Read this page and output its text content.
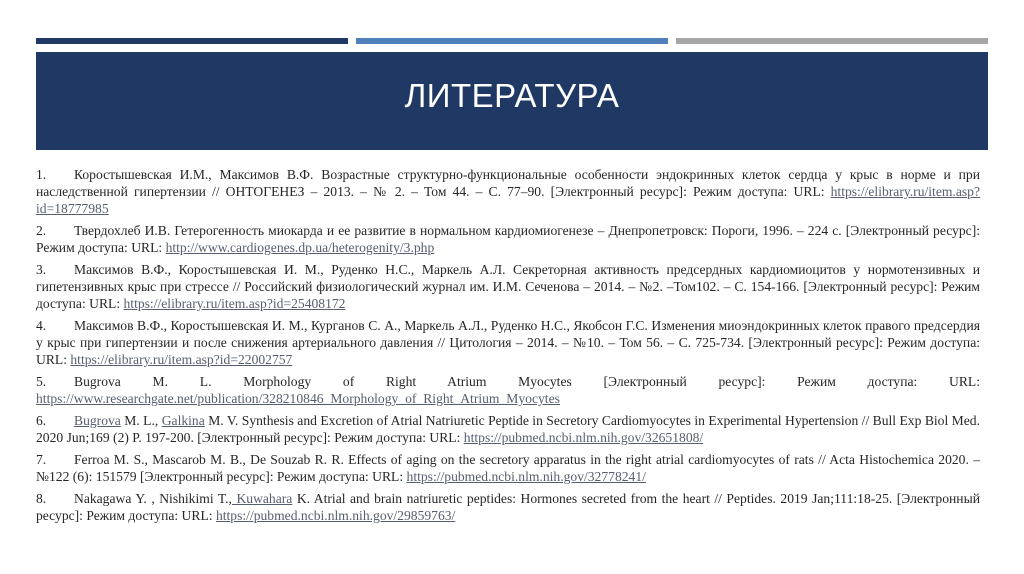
ЛИТЕРАТУРА
1. Коростышевская И.М., Максимов В.Ф. Возрастные структурно-функциональные особенности эндокринных клеток сердца у крыс в норме и при наследственной гипертензии // ОНТОГЕНЕЗ – 2013. – № 2. – Том 44. – С. 77–90. [Электронный ресурс]: Режим доступа: URL: https://elibrary.ru/item.asp?id=18777985
2. Твердохлеб И.В. Гетерогенность миокарда и ее развитие в нормальном кардиомиогенезе – Днепропетровск: Пороги, 1996. – 224 с. [Электронный ресурс]: Режим доступа: URL: http://www.cardiogenes.dp.ua/heterogenity/3.php
3. Максимов В.Ф., Коростышевская И. М., Руденко Н.С., Маркель А.Л. Секреторная активность предсердных кардиомиоцитов у нормотензивных и гипетензивных крыс при стрессе // Российский физиологический журнал им. И.М. Сеченова – 2014. – №2. –Том102. – С. 154-166. [Электронный ресурс]: Режим доступа: URL: https://elibrary.ru/item.asp?id=25408172
4. Максимов В.Ф., Коростышевская И. М., Курганов С. А., Маркель А.Л., Руденко Н.С., Якобсон Г.С. Изменения миоэндокринных клеток правого предсердия у крыс при гипертензии и после снижения артериального давления // Цитология – 2014. – №10. – Том 56. – С. 725-734. [Электронный ресурс]: Режим доступа: URL: https://elibrary.ru/item.asp?id=22002757
5. Bugrova M. L. Morphology of Right Atrium Myocytes [Электронный ресурс]: Режим доступа: URL: https://www.researchgate.net/publication/328210846_Morphology_of_Right_Atrium_Myocytes
6. Bugrova M. L., Galkina M. V. Synthesis and Excretion of Atrial Natriuretic Peptide in Secretory Cardiomyocytes in Experimental Hypertension // Bull Exp Biol Med. 2020 Jun;169 (2) P. 197-200. [Электронный ресурс]: Режим доступа: URL: https://pubmed.ncbi.nlm.nih.gov/32651808/
7. Ferroa M. S., Mascarob M. B., De Souzab R. R. Effects of aging on the secretory apparatus in the right atrial cardiomyocytes of rats // Acta Histochemica 2020. – №122 (6): 151579 [Электронный ресурс]: Режим доступа: URL: https://pubmed.ncbi.nlm.nih.gov/32778241/
8. Nakagawa Y. , Nishikimi T., Kuwahara K. Atrial and brain natriuretic peptides: Hormones secreted from the heart // Peptides. 2019 Jan;111:18-25. [Электронный ресурс]: Режим доступа: URL: https://pubmed.ncbi.nlm.nih.gov/29859763/
